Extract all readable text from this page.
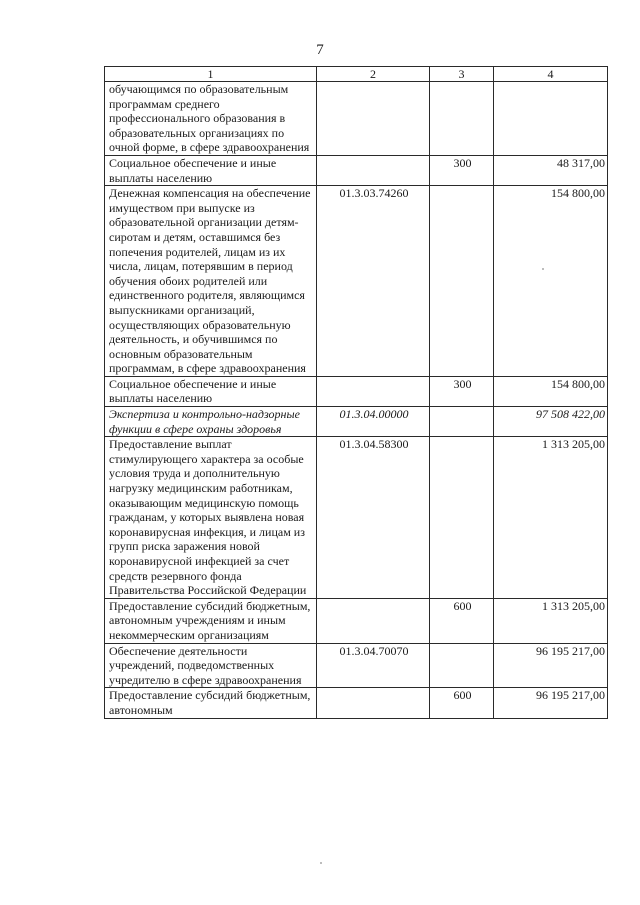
7
1	2	3	4
обучающимся по образовательным программам среднего профессионального образования в образовательных организациях по очной форме, в сфере здравоохранения			
Социальное обеспечение и иные выплаты населению		300	48 317,00
Денежная компенсация на обеспечение имуществом при выпуске из образовательной организации детям-сиротам и детям, оставшимся без попечения родителей, лицам из их числа, лицам, потерявшим в период обучения обоих родителей или единственного родителя, являющимся выпускниками организаций, осуществляющих образовательную деятельность, и обучившимся по основным образовательным программам, в сфере здравоохранения	01.3.03.74260		154 800,00
Социальное обеспечение и иные выплаты населению		300	154 800,00
Экспертиза и контрольно-надзорные функции в сфере охраны здоровья	01.3.04.00000		97 508 422,00
Предоставление выплат стимулирующего характера за особые условия труда и дополнительную нагрузку медицинским работникам, оказывающим медицинскую помощь гражданам, у которых выявлена новая коронавирусная инфекция, и лицам из групп риска заражения новой коронавирусной инфекцией за счет средств резервного фонда Правительства Российской Федерации	01.3.04.58300		1 313 205,00
Предоставление субсидий бюджетным, автономным учреждениям и иным некоммерческим организациям		600	1 313 205,00
Обеспечение деятельности учреждений, подведомственных учредителю в сфере здравоохранения	01.3.04.70070		96 195 217,00
Предоставление субсидий бюджетным, автономным		600	96 195 217,00
